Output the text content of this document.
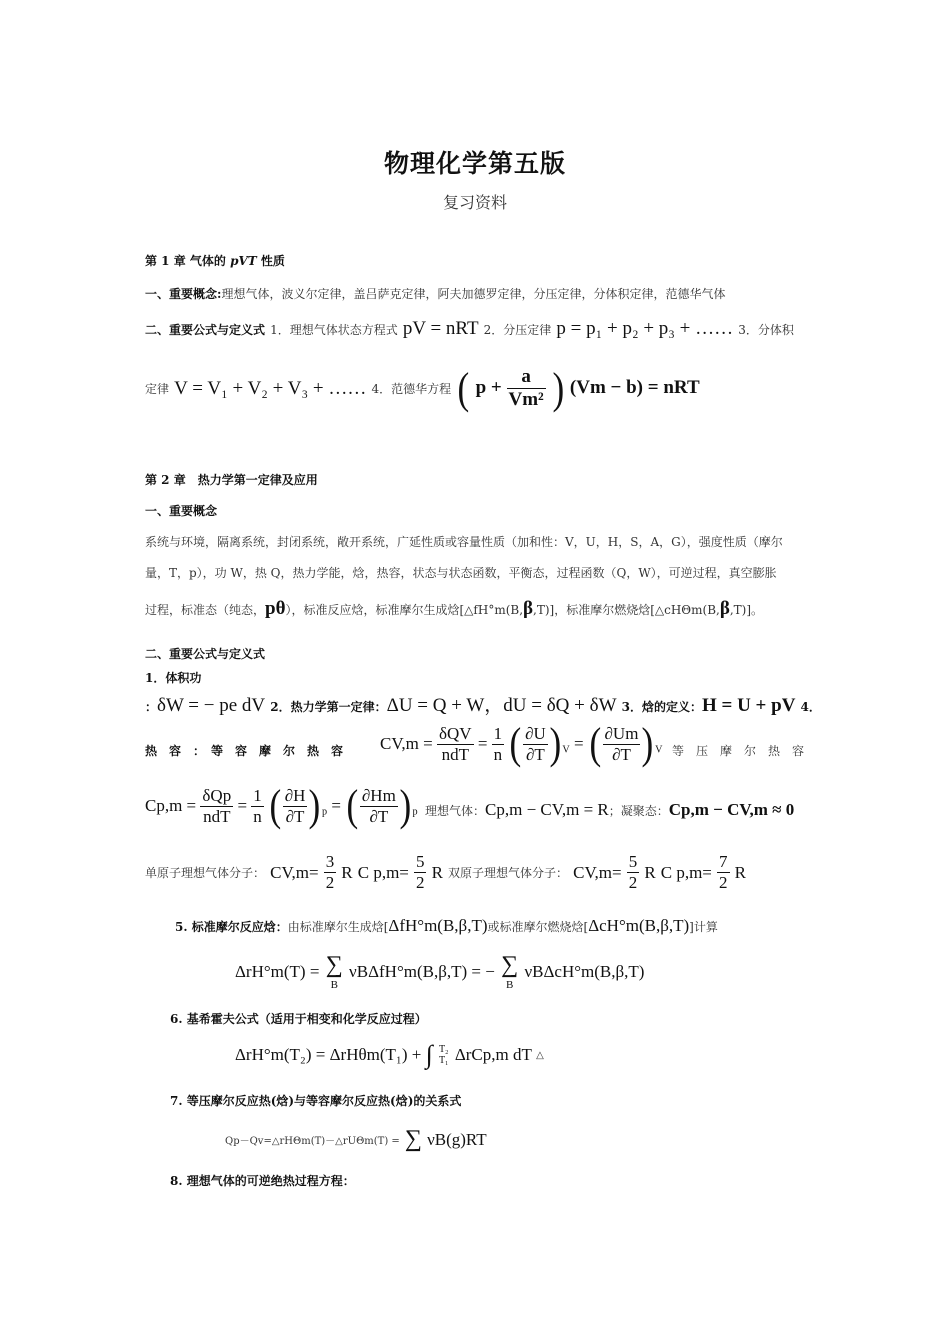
物理化学第五版
复习资料
第 1 章 气体的 pVT 性质
一、重要概念:理想气体，波义尔定律，盖吕萨克定律，阿夫加德罗定律，分压定律，分体积定律，范德华气体
二、重要公式与定义式 1．理想气体状态方程式 pV = nRT 2．分压定律 p = p₁ + p₂ + p₃ + …… 3．分体积
定律 V = V₁ + V₂ + V₃ + …… 4．范德华方程 ( $p + \frac{a}{\text{Vm²}}$ ) (Vm − b) = nRT
第 2 章　热力学第一定律及应用
一、重要概念
系统与环境，隔离系统，封闭系统，敞开系统，广延性质或容量性质（加和性：V，U，H，S，A，G），强度性质（摩尔
量，T，p），功 W，热 Q，热力学能，焓，热容，状态与状态函数，平衡态，过程函数（Q，W），可逆过程，真空膨胀
过程，标准态（纯态，pθ），标准反应焓，标准摩尔生成焓[△fH°m(B,β,T)]，标准摩尔燃烧焓[△cHΘm(B,β,T)]。
二、重要公式与定义式
1．体积功
：δW = − pe dV 2．热力学第一定律：ΔU = Q + W，dU = δQ + δW 3．焓的定义：H = U + pV 4．
热　容　：　等　容　摩　尔　热　容 $CV,m = \frac{\text{δQV}}{\text{ndT}} = \frac{1}{n}$ ( $\frac{\partial U}{\partial T} )_V$ = ( $\frac{\partial Um}{\partial T} )_V$ 等　压　摩　尔　热　容
$Cp,m = \frac{\text{δQp}}{\text{ndT}} = \frac{1}{n}$ ( $\frac{\partial H}{\partial T} )_p$ = ( $\frac{\partial Hm}{\partial T} )_p$ 理想气体：Cp,m − CV,m = R；凝聚态：Cp,m − CV,m ≈ 0
单原子理想气体分子： $CV,m= \frac{3}{2}$ R C $p,m= \frac{5}{2}$ R 双原子理想气体分子： $CV,m= \frac{5}{2}$ R C $p,m= \frac{7}{2}$ R
5. 标准摩尔反应焓：由标准摩尔生成焓[ΔfH°m(B,β,T)或标准摩尔燃烧焓[ΔcH°m(B,β,T)]计算
ΔrH°m(T) = ∑
B
νBΔfH°m(B,β,T) = − ∑
B
νBΔcH°m(B,β,T)
6. 基希霍夫公式（适用于相变和化学反应过程）
ΔrH°m(T₂) = ΔrHθm(T₁) + ∫ T₂
T₁ ΔrCp,m dT △
7. 等压摩尔反应热(焓)与等容摩尔反应热(焓)的关系式
Qp－Qv=△rHΘm(T)－△rUΘm(T) = ∑ νB(g)RT
8. 理想气体的可逆绝热过程方程：
